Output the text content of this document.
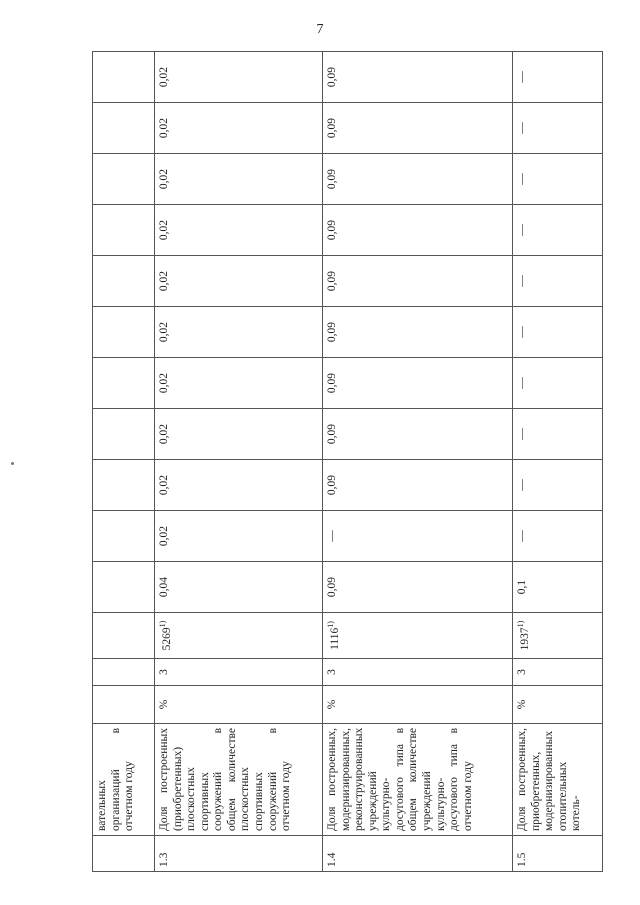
7
	вательных организаций в отчетном году														
1.3	Доля построенных (приобретенных) плоскостных спортивных сооружений в общем количестве плоскостных спортивных сооружений в отчетном году	%	3	5269$^{1)}$	0,04	0,02	0,02	0,02	0,02	0,02	0,02	0,02	0,02	0,02	0,02
1.4	Доля построенных, модернизированных, реконструированных учреждений культурно-досугового типа в общем количестве учреждений культурно-досугового типа в отчетном году	%	3	1116$^{1)}$	0,09	—	0,09	0,09	0,09	0,09	0,09	0,09	0,09	0,09	0,09
1.5	Доля построенных, приобретенных, модернизированных отопительных котель-	%	3	1937$^{1)}$	0,1	—	—	—	—	—	—	—	—	—	—
